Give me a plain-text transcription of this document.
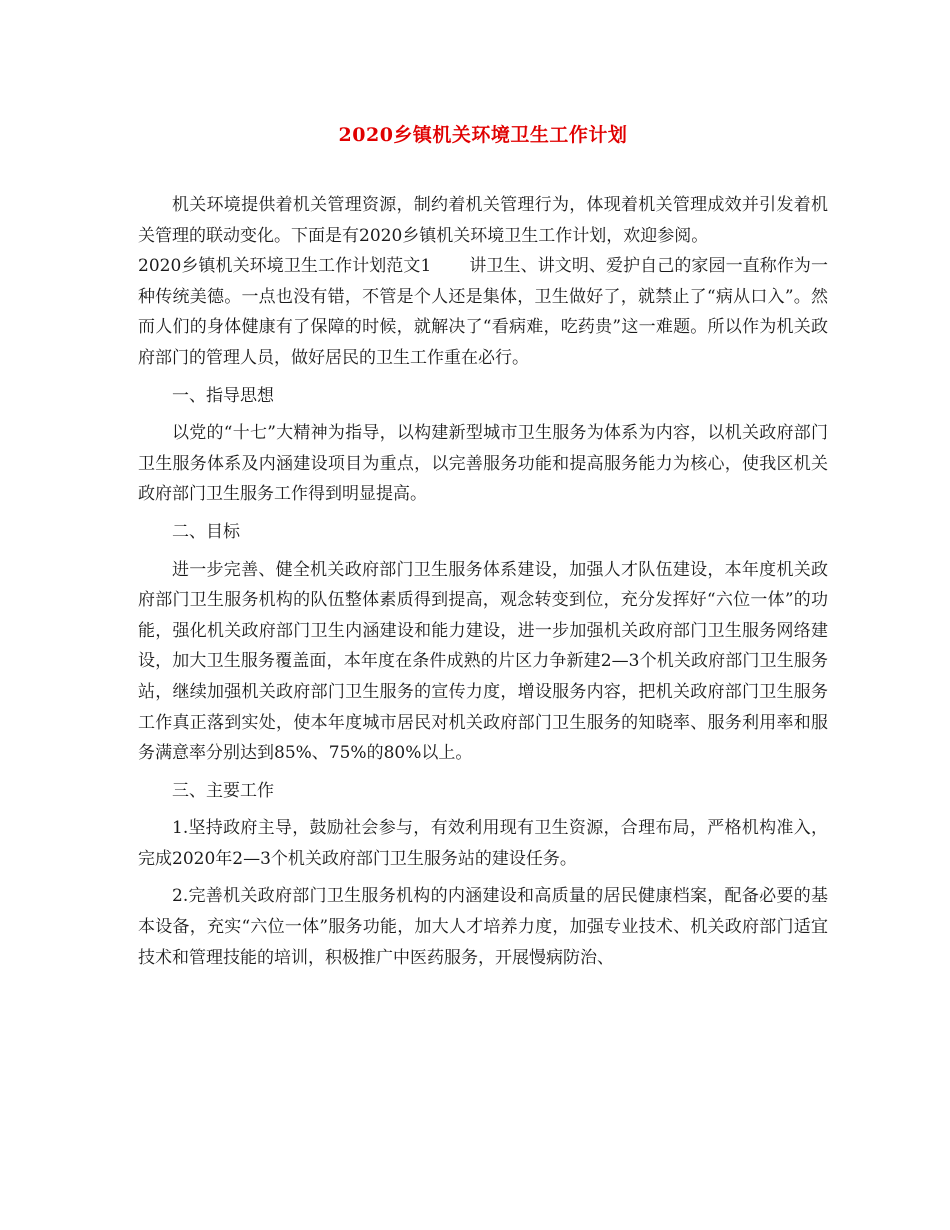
2020乡镇机关环境卫生工作计划

机关环境提供着机关管理资源，制约着机关管理行为，体现着机关管理成效并引发着机关管理的联动变化。下面是有2020乡镇机关环境卫生工作计划，欢迎参阅。

2020乡镇机关环境卫生工作计划范文1 讲卫生、讲文明、爱护自己的家园一直称作为一种传统美德。一点也没有错，不管是个人还是集体，卫生做好了，就禁止了“病从口入”。然而人们的身体健康有了保障的时候，就解决了“看病难，吃药贵”这一难题。所以作为机关政府部门的管理人员，做好居民的卫生工作重在必行。

一、指导思想

以党的“十七”大精神为指导，以构建新型城市卫生服务为体系为内容，以机关政府部门卫生服务体系及内涵建设项目为重点，以完善服务功能和提高服务能力为核心，使我区机关政府部门卫生服务工作得到明显提高。

二、目标

进一步完善、健全机关政府部门卫生服务体系建设，加强人才队伍建设，本年度机关政府部门卫生服务机构的队伍整体素质得到提高，观念转变到位，充分发挥好“六位一体”的功能，强化机关政府部门卫生内涵建设和能力建设，进一步加强机关政府部门卫生服务网络建设，加大卫生服务覆盖面，本年度在条件成熟的片区力争新建2—3个机关政府部门卫生服务站，继续加强机关政府部门卫生服务的宣传力度，增设服务内容，把机关政府部门卫生服务工作真正落到实处，使本年度城市居民对机关政府部门卫生服务的知晓率、服务利用率和服务满意率分别达到85%、75%的80%以上。

三、主要工作

1.坚持政府主导，鼓励社会参与，有效利用现有卫生资源，合理布局，严格机构准入，完成2020年2—3个机关政府部门卫生服务站的建设任务。

2.完善机关政府部门卫生服务机构的内涵建设和高质量的居民健康档案，配备必要的基本设备，充实“六位一体”服务功能，加大人才培养力度，加强专业技术、机关政府部门适宜技术和管理技能的培训，积极推广中医药服务，开展慢病防治、
